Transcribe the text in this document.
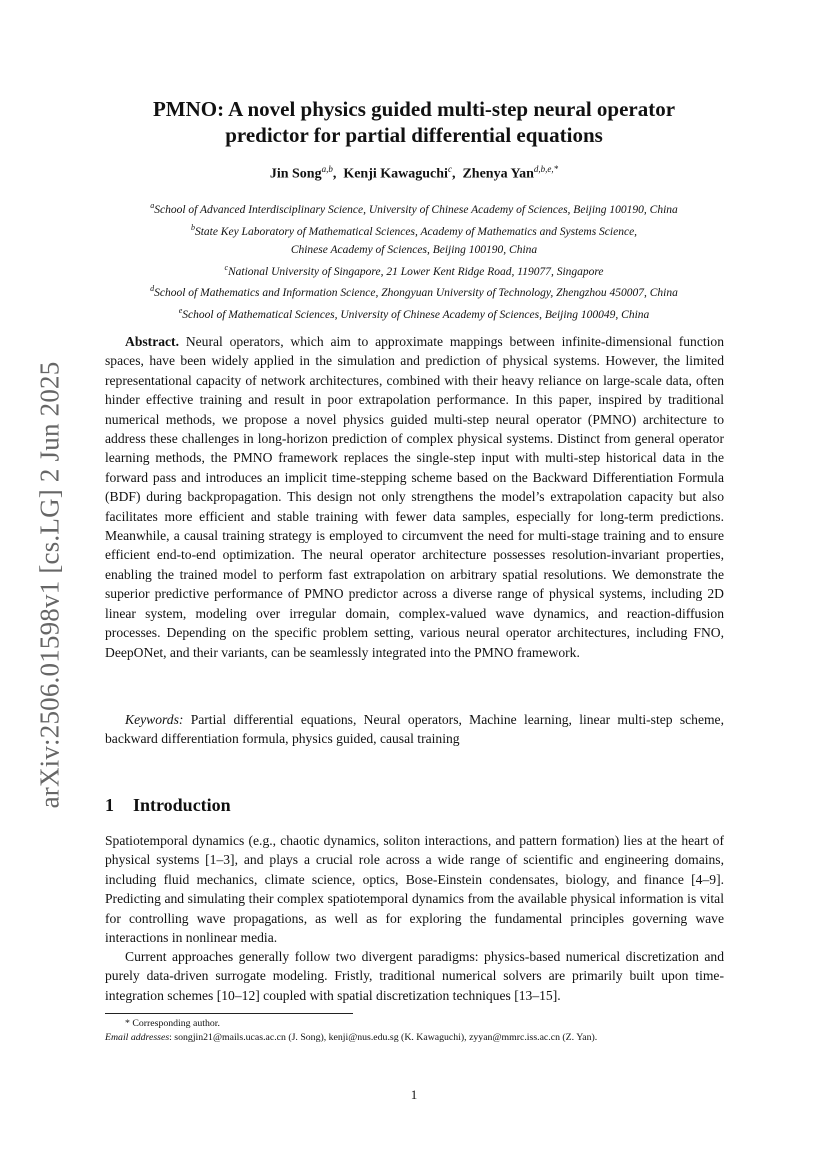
arXiv:2506.01598v1 [cs.LG] 2 Jun 2025
PMNO: A novel physics guided multi-step neural operator
predictor for partial differential equations
Jin Song$^{a,b}$,  Kenji Kawaguchi$^c$,  Zhenya Yan$^{d,b,e,*}$
$^a$School of Advanced Interdisciplinary Science, University of Chinese Academy of Sciences, Beijing 100190, China
$^b$State Key Laboratory of Mathematical Sciences, Academy of Mathematics and Systems Science,
Chinese Academy of Sciences, Beijing 100190, China
$^c$National University of Singapore, 21 Lower Kent Ridge Road, 119077, Singapore
$^d$School of Mathematics and Information Science, Zhongyuan University of Technology, Zhengzhou 450007, China
$^e$School of Mathematical Sciences, University of Chinese Academy of Sciences, Beijing 100049, China
Abstract. Neural operators, which aim to approximate mappings between infinite-dimensional function spaces, have been widely applied in the simulation and prediction of physical systems. However, the limited representational capacity of network architectures, combined with their heavy reliance on large-scale data, often hinder effective training and result in poor extrapolation performance. In this paper, inspired by traditional numerical methods, we propose a novel physics guided multi-step neural operator (PMNO) architecture to address these challenges in long-horizon prediction of complex physical systems. Distinct from general operator learning methods, the PMNO framework replaces the single-step input with multi-step historical data in the forward pass and introduces an implicit time-stepping scheme based on the Backward Differentiation Formula (BDF) during backpropagation. This design not only strengthens the model’s extrapolation capacity but also facilitates more efficient and stable training with fewer data samples, especially for long-term predictions. Meanwhile, a causal training strategy is employed to circumvent the need for multi-stage training and to ensure efficient end-to-end optimization. The neural operator architecture possesses resolution-invariant properties, enabling the trained model to perform fast extrapolation on arbitrary spatial resolutions. We demonstrate the superior predictive performance of PMNO predictor across a diverse range of physical systems, including 2D linear system, modeling over irregular domain, complex-valued wave dynamics, and reaction-diffusion processes. Depending on the specific problem setting, various neural operator architectures, including FNO, DeepONet, and their variants, can be seamlessly integrated into the PMNO framework.
Keywords: Partial differential equations, Neural operators, Machine learning, linear multi-step scheme, backward differentiation formula, physics guided, causal training
1 Introduction
Spatiotemporal dynamics (e.g., chaotic dynamics, soliton interactions, and pattern formation) lies at the heart of physical systems [1–3], and plays a crucial role across a wide range of scientific and engineering domains, including fluid mechanics, climate science, optics, Bose-Einstein condensates, biology, and finance [4–9]. Predicting and simulating their complex spatiotemporal dynamics from the available physical information is vital for controlling wave propagations, as well as for exploring the fundamental principles governing wave interactions in nonlinear media.
Current approaches generally follow two divergent paradigms: physics-based numerical discretization and purely data-driven surrogate modeling. Fristly, traditional numerical solvers are primarily built upon time-integration schemes [10–12] coupled with spatial discretization techniques [13–15].
* Corresponding author.
Email addresses: songjin21@mails.ucas.ac.cn (J. Song), kenji@nus.edu.sg (K. Kawaguchi), zyyan@mmrc.iss.ac.cn (Z. Yan).
1
